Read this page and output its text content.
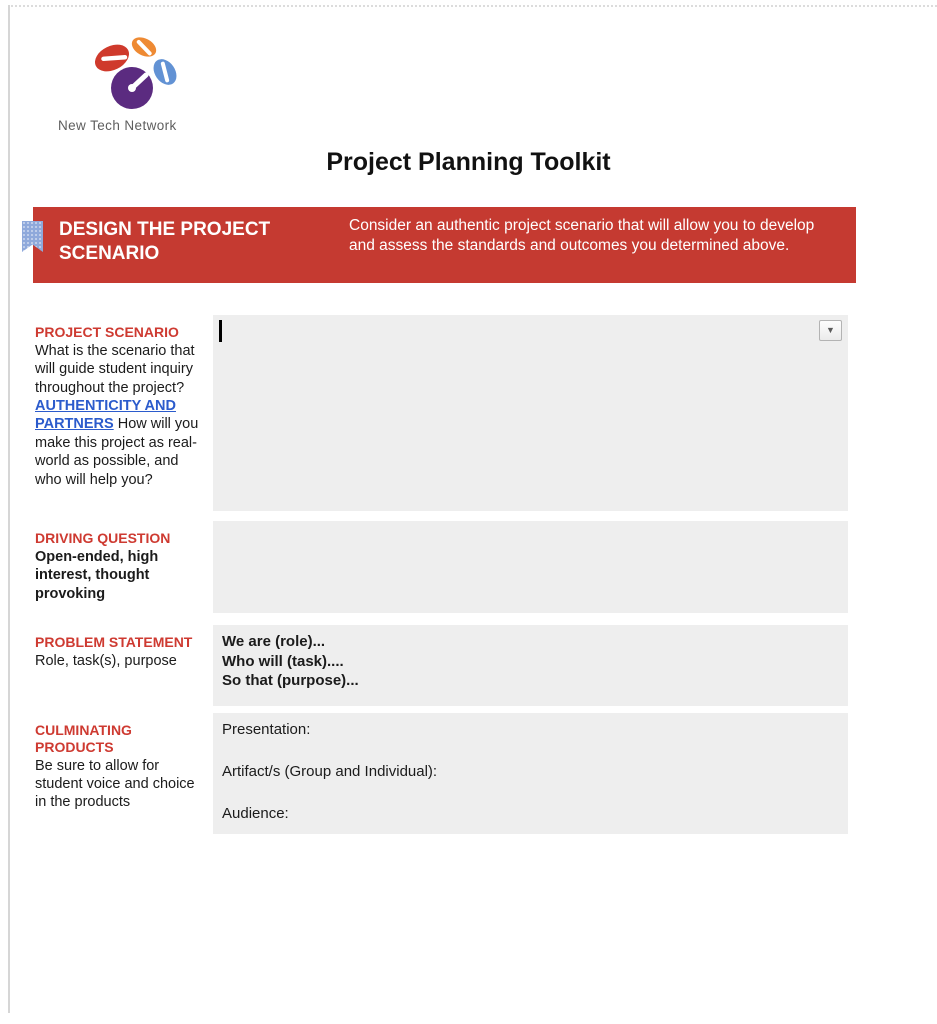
New Tech Network
Project Planning Toolkit
DESIGN THE PROJECT SCENARIO
Consider an authentic project scenario that will allow you to develop and assess the standards and outcomes you determined above.
PROJECT SCENARIO
What is the scenario that will guide student inquiry throughout the project? AUTHENTICITY AND PARTNERS How will you make this project as real-world as possible, and who will help you?
▼
DRIVING QUESTION
Open-ended, high interest, thought provoking
PROBLEM STATEMENT
Role, task(s), purpose
We are (role)...
Who will (task)....
So that (purpose)...
CULMINATING PRODUCTS
Be sure to allow for student voice and choice in the products
Presentation:
Artifact/s (Group and Individual):
Audience:
